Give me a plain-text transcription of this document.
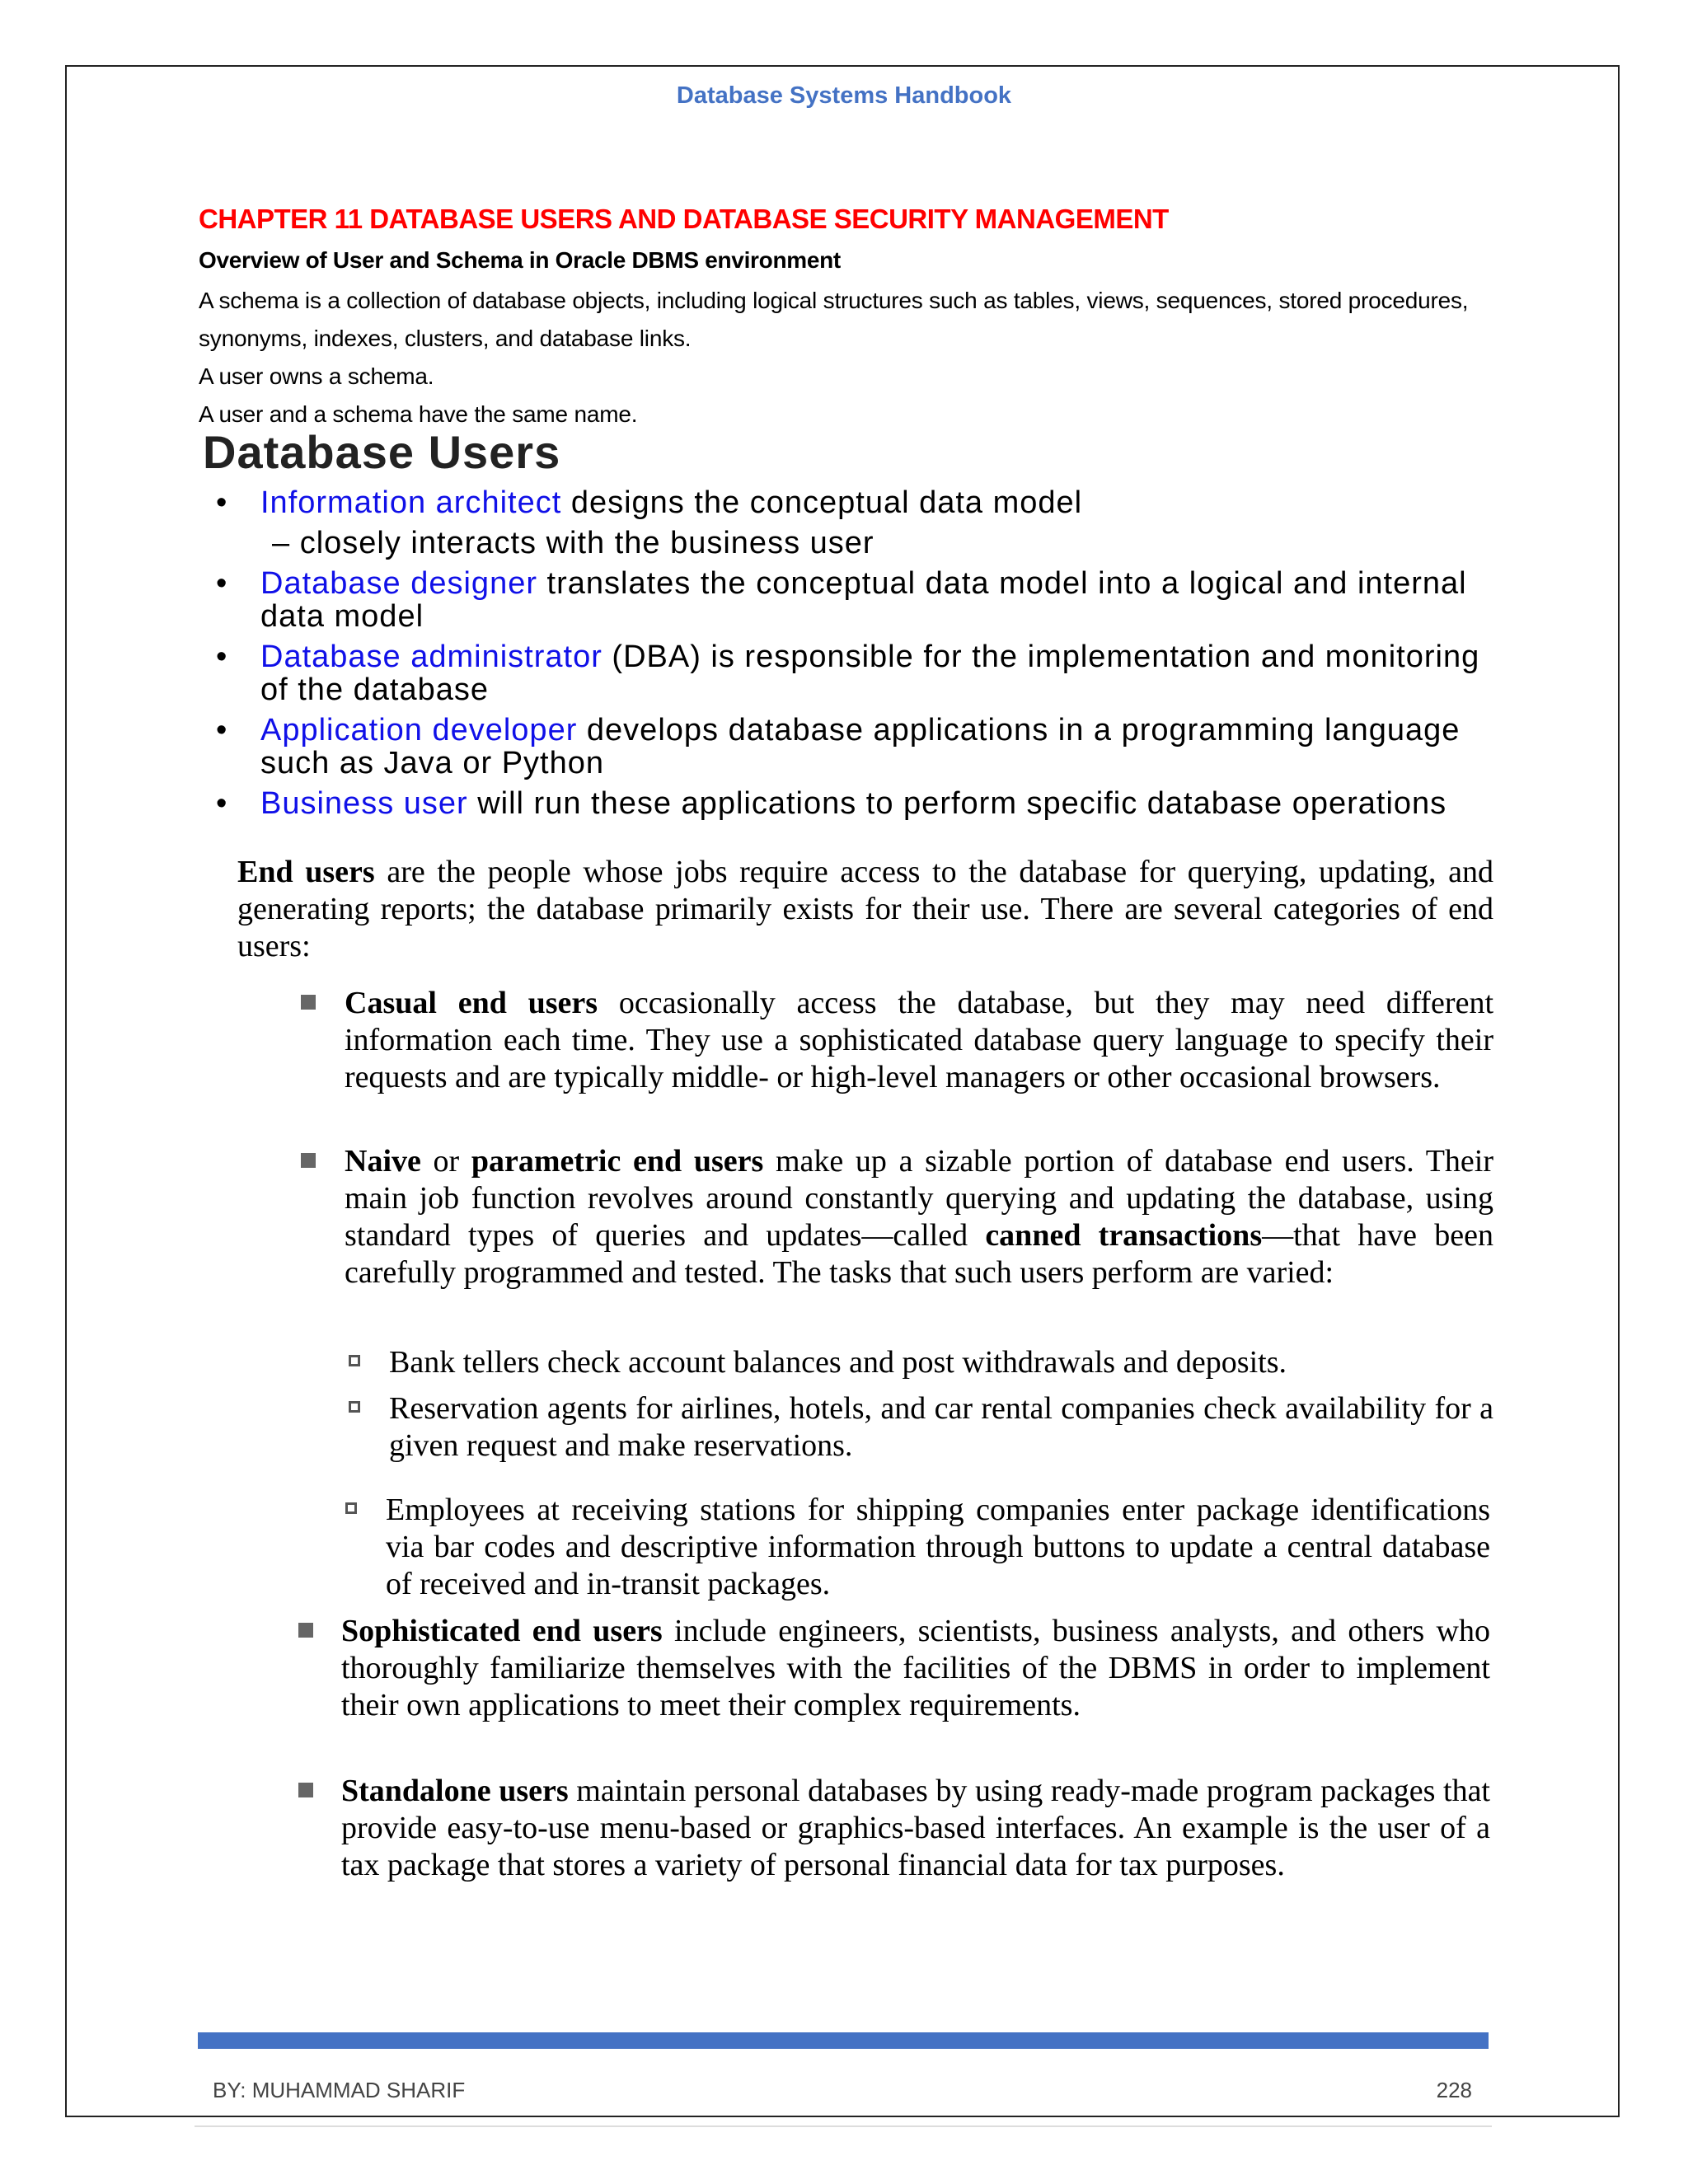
Database Systems Handbook
CHAPTER 11 DATABASE USERS AND DATABASE SECURITY MANAGEMENT
Overview of User and Schema in Oracle DBMS environment

A schema is a collection of database objects, including logical structures such as tables, views, sequences, stored procedures, synonyms, indexes, clusters, and database links.

A user owns a schema.

A user and a schema have the same name.

Database Users
• Information architect designs the conceptual data model
– closely interacts with the business user
• Database designer translates the conceptual data model into a logical and internal data model
• Database administrator (DBA) is responsible for the implementation and monitoring of the database
• Application developer develops database applications in a programming language such as Java or Python
• Business user will run these applications to perform specific database operations

End users are the people whose jobs require access to the database for querying, updating, and generating reports; the database primarily exists for their use. There are several categories of end users:

Casual end users occasionally access the database, but they may need different information each time. They use a sophisticated database query language to specify their requests and are typically middle- or high-level managers or other occasional browsers.

Naive or parametric end users make up a sizable portion of database end users. Their main job function revolves around constantly querying and updating the database, using standard types of queries and updates—called canned transactions—that have been carefully programmed and tested. The tasks that such users perform are varied:

Bank tellers check account balances and post withdrawals and deposits.

Reservation agents for airlines, hotels, and car rental companies check availability for a given request and make reservations.

Employees at receiving stations for shipping companies enter package identifications via bar codes and descriptive information through buttons to update a central database of received and in-transit packages.

Sophisticated end users include engineers, scientists, business analysts, and others who thoroughly familiarize themselves with the facilities of the DBMS in order to implement their own applications to meet their complex requirements.

Standalone users maintain personal databases by using ready-made program packages that provide easy-to-use menu-based or graphics-based interfaces. An example is the user of a tax package that stores a variety of personal financial data for tax purposes.

BY: MUHAMMAD SHARIF	228
